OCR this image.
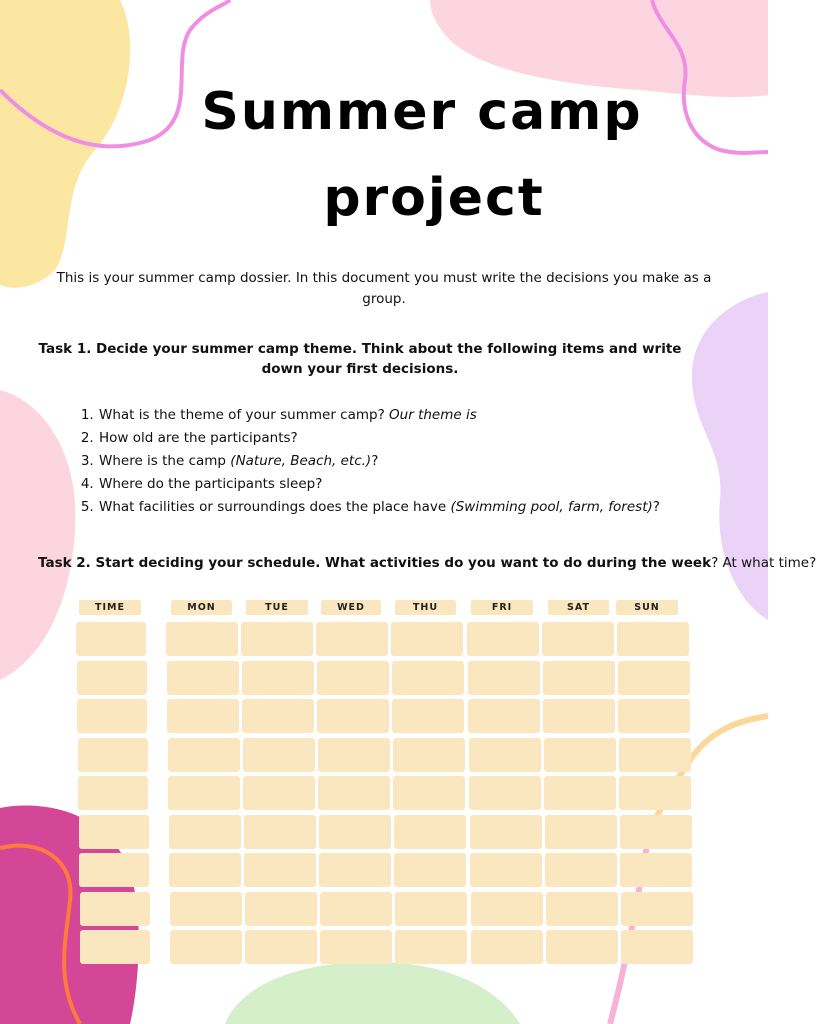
Summer camp
project
This is your summer camp dossier. In this document you must write the decisions you make as a group.
Task 1. Decide your summer camp theme. Think about the following items and write down your first decisions.
1. What is the theme of your summer camp? Our theme is
2. How old are the participants?
3. Where is the camp (Nature, Beach, etc.)?
4. Where do the participants sleep?
5. What facilities or surroundings does the place have (Swimming pool, farm, forest)?
Task 2. Start deciding your schedule. What activities do you want to do during the week? At what time?
TIME	MON	TUE	WED	THU	FRI	SAT	SUN
